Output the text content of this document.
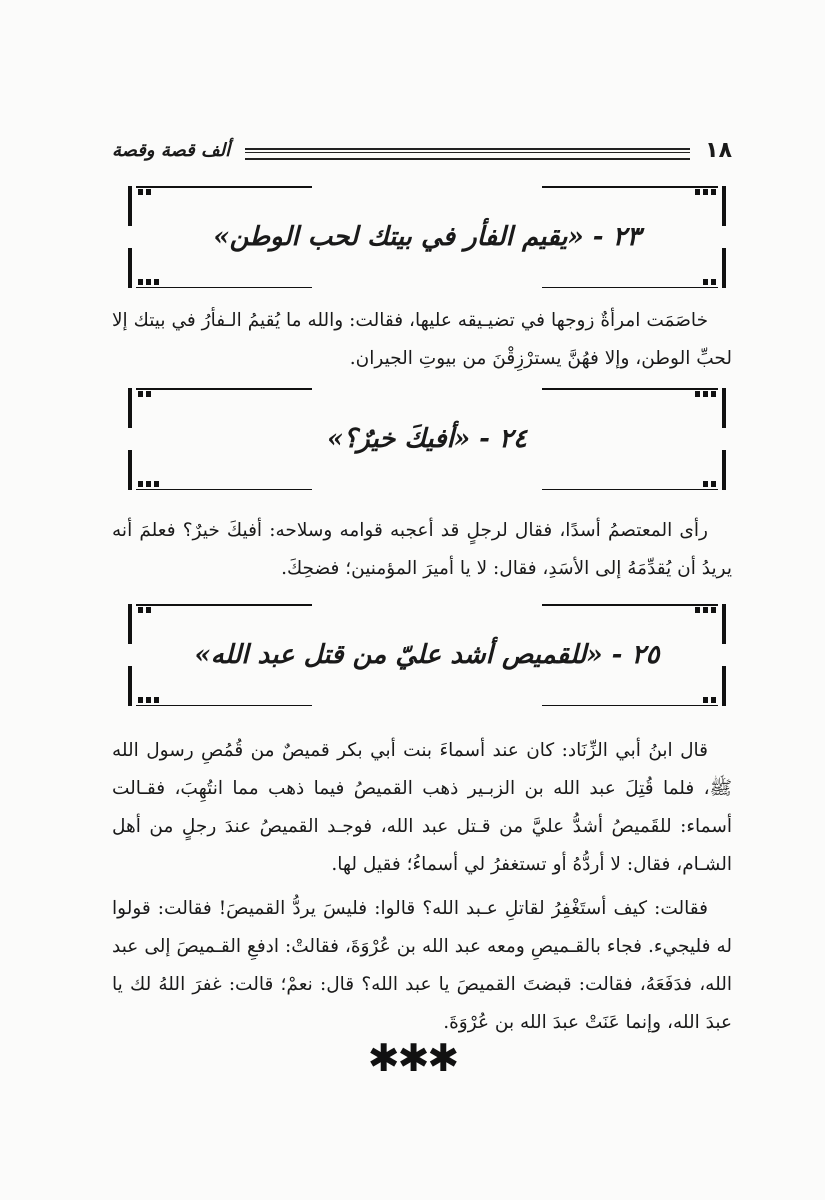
ألف قصة وقصة	١٨
٢٣ - «يقيم الفأر في بيتك لحب الوطن»

خاصَمَت امرأةٌ زوجها في تضيـيقه عليها، فقالت: والله ما يُقيمُ الـفأرُ في بيتك إلا لحبِّ الوطن، وإلا فهُنَّ يسترْزِقْنَ من بيوتِ الجيران.

٢٤ - «أفيكَ خيرٌ؟»

رأى المعتصمُ أسدًا، فقال لرجلٍ قد أعجبه قوامه وسلاحه: أفيكَ خيرٌ؟ فعلمَ أنه يريدُ أن يُقدِّمَهُ إلى الأسَدِ، فقال: لا يا أميرَ المؤمنين؛ فضحِكَ.

٢٥ - «للقميص أشد عليّ من قتل عبد الله»

قال ابنُ أبي الزِّنَاد: كان عند أسماءَ بنت أبي بكر قميصٌ من قُمُصِ رسول الله ﷺ، فلما قُتِلَ عبد الله بن الزبـير ذهب القميصُ فيما ذهب مما انتُهِبَ، فقـالت أسماء: للقَميصُ أشدُّ عليَّ من قـتل عبد الله، فوجـد القميصُ عندَ رجلٍ من أهل الشـام، فقال: لا أردُّهُ أو تستغفرُ لي أسماءُ؛ فقيل لها.

فقالت: كيف أستَغْفِرُ لقاتلِ عـبد الله؟ قالوا: فليسَ يردُّ القميصَ! فقالت: قولوا له فليجيء. فجاء بالقـميصِ ومعه عبد الله بن عُرْوَةَ، فقالتْ: ادفعِ القـميصَ إلى عبد الله، فدَفَعَهُ، فقالت: قبضتَ القميصَ يا عبد الله؟ قال: نعمْ؛ قالت: غفرَ اللهُ لك يا عبدَ الله، وإنما عَنَتْ عبدَ الله بن عُرْوَةَ.

✱✱✱
